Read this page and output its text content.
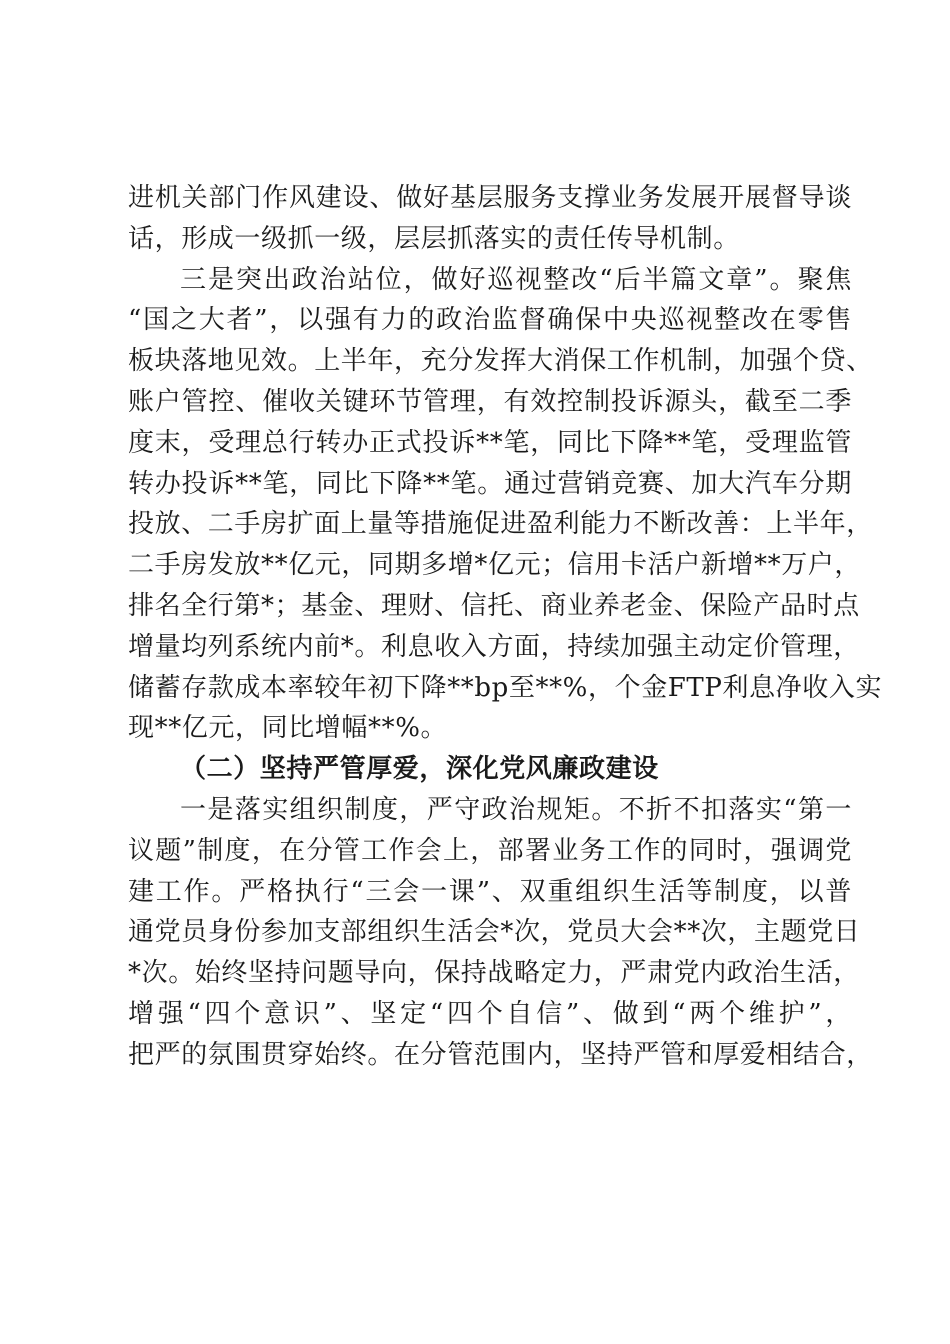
进机关部门作风建设、做好基层服务支撑业务发展开展督导谈
话，形成一级抓一级，层层抓落实的责任传导机制。
三是突出政治站位，做好巡视整改“后半篇文章”。聚焦
“国之大者”，以强有力的政治监督确保中央巡视整改在零售
板块落地见效。上半年，充分发挥大消保工作机制，加强个贷、
账户管控、催收关键环节管理，有效控制投诉源头，截至二季
度末，受理总行转办正式投诉**笔，同比下降**笔，受理监管
转办投诉**笔，同比下降**笔。通过营销竞赛、加大汽车分期
投放、二手房扩面上量等措施促进盈利能力不断改善：上半年，
二手房发放**亿元，同期多增*亿元；信用卡活户新增**万户，
排名全行第*；基金、理财、信托、商业养老金、保险产品时点
增量均列系统内前*。利息收入方面，持续加强主动定价管理，
储蓄存款成本率较年初下降**bp至**%，个金FTP利息净收入实
现**亿元，同比增幅**%。
（二）坚持严管厚爱，深化党风廉政建设
一是落实组织制度，严守政治规矩。不折不扣落实“第一
议题”制度，在分管工作会上，部署业务工作的同时，强调党
建工作。严格执行“三会一课”、双重组织生活等制度，以普
通党员身份参加支部组织生活会*次，党员大会**次，主题党日
*次。始终坚持问题导向，保持战略定力，严肃党内政治生活，
增强“四个意识”、坚定“四个自信”、做到“两个维护”，
把严的氛围贯穿始终。在分管范围内，坚持严管和厚爱相结合，
